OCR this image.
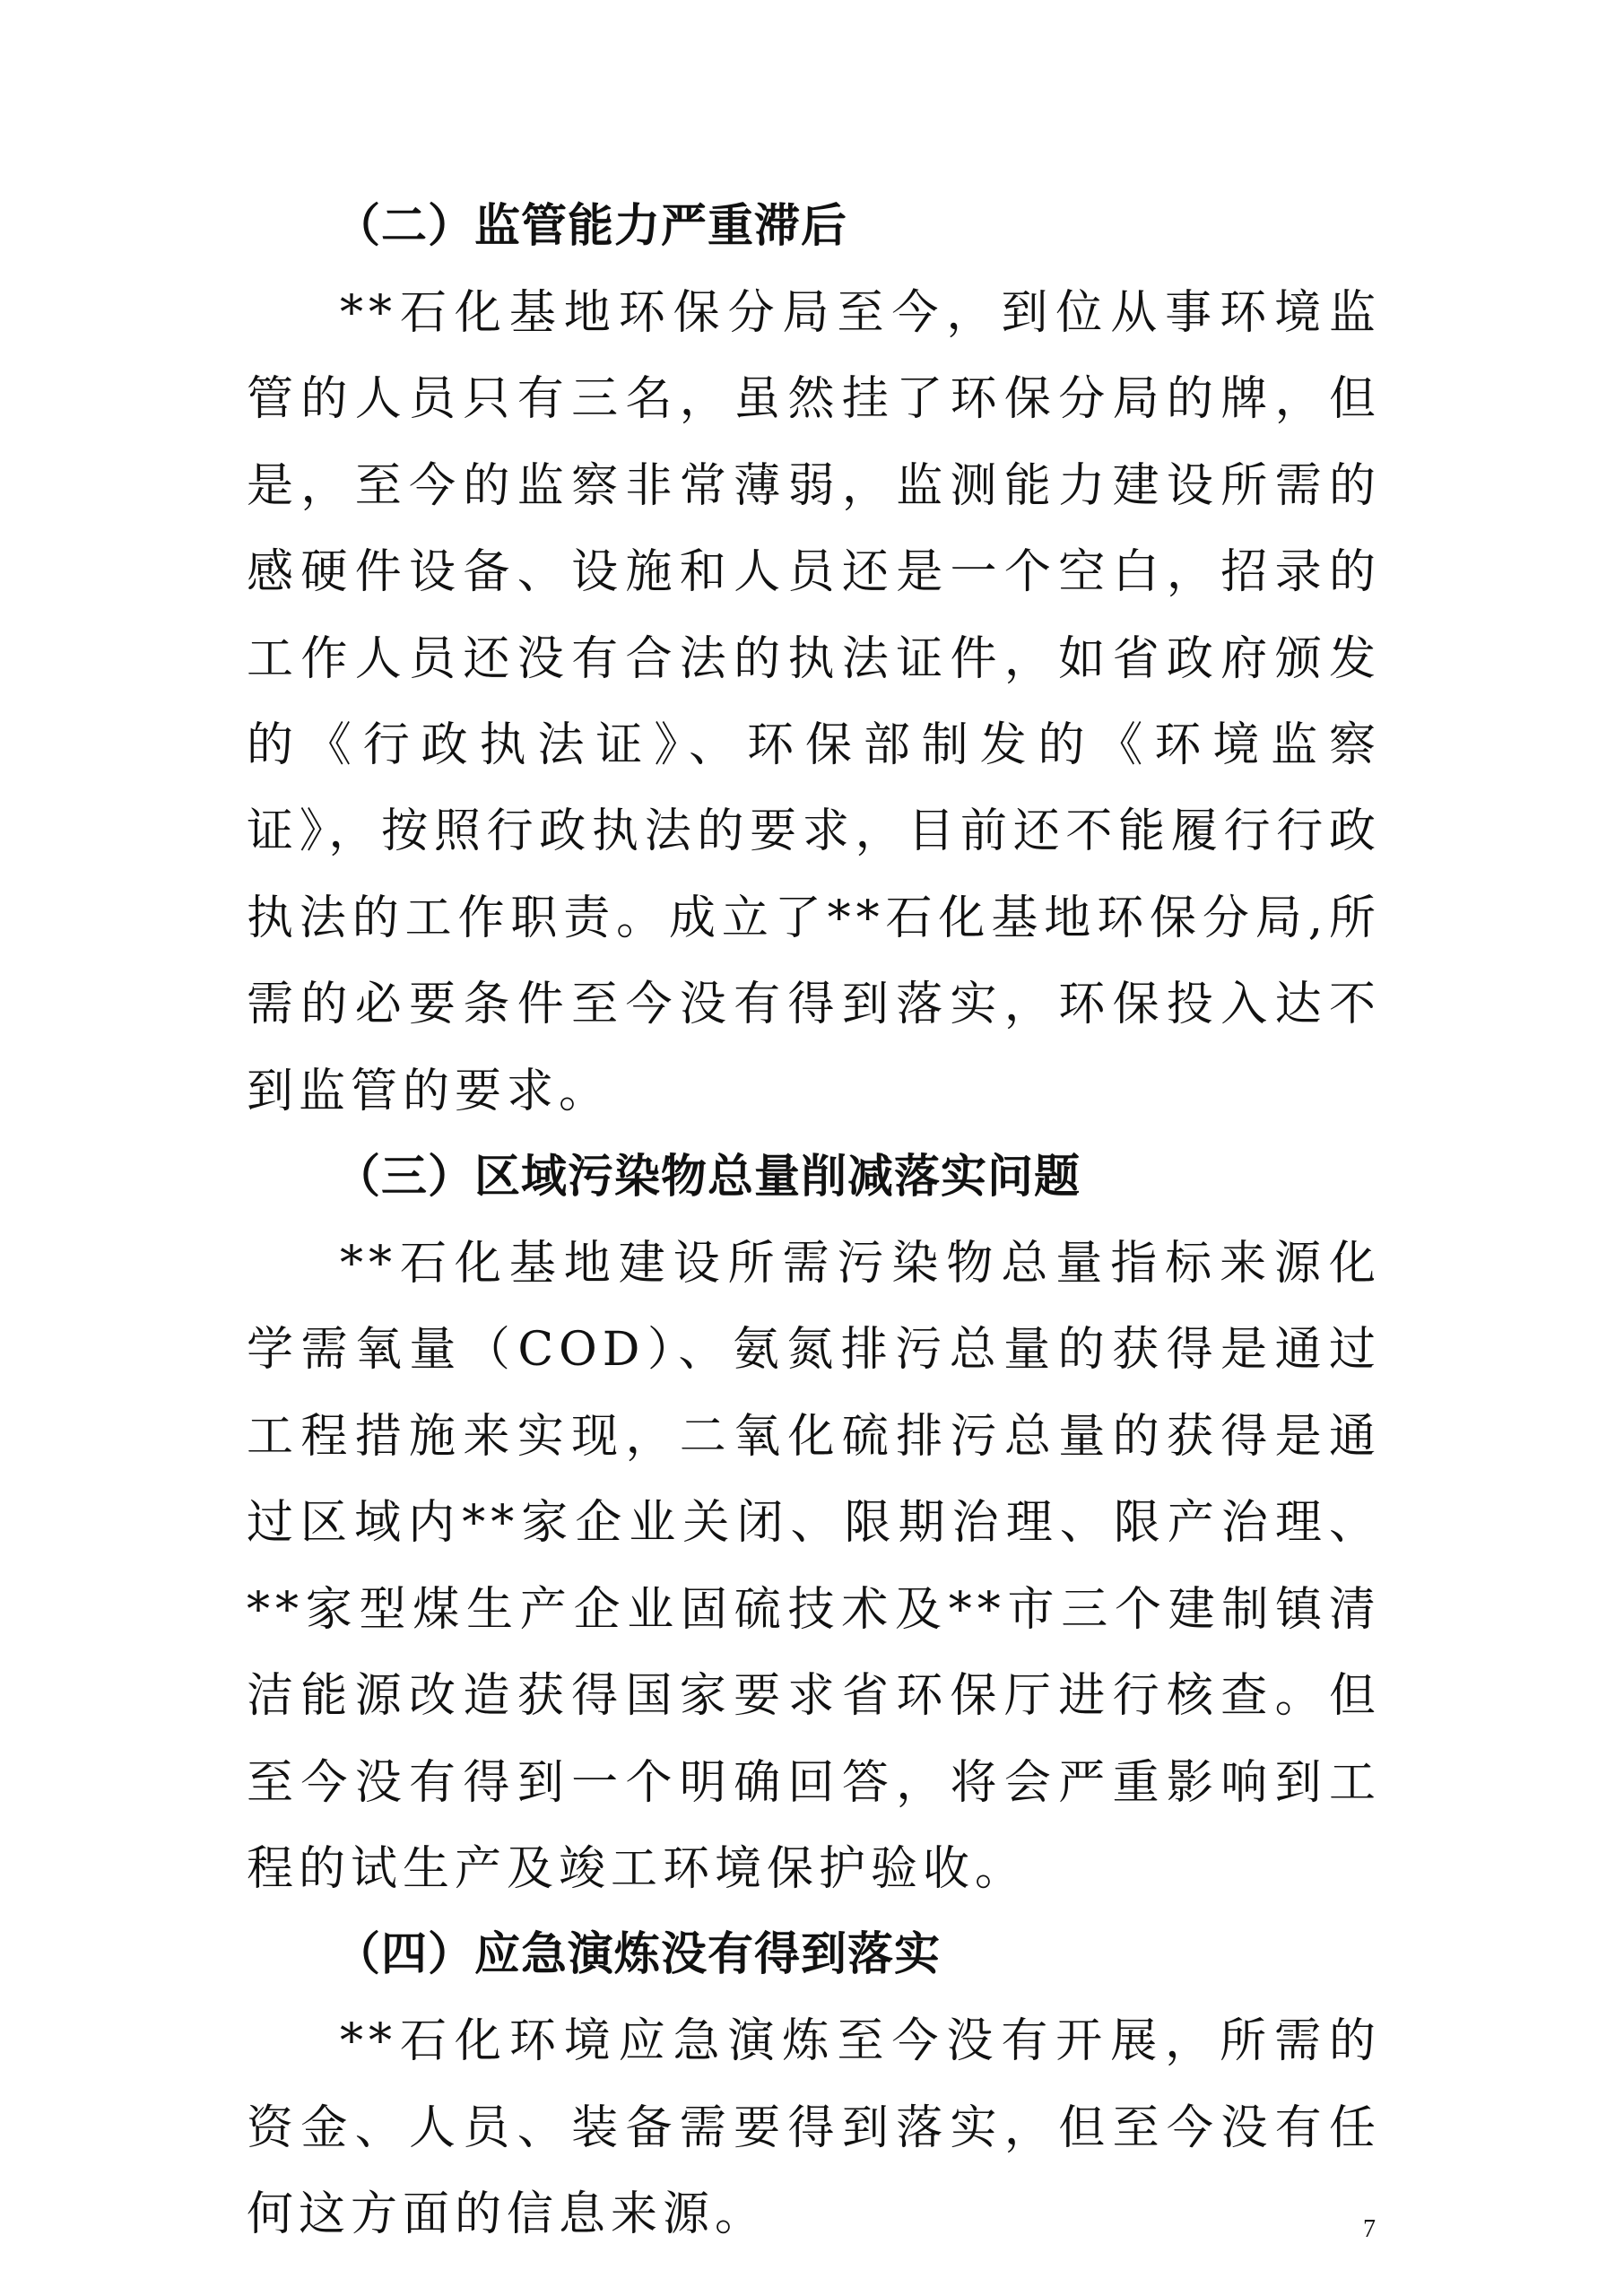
（二）监管能力严重滞后

**石化基地环保分局至今，到位从事环境监管的人员只有三名，虽然挂了环保分局的牌，但是，至今的监察非常薄弱，监测能力建设所需的感硬件设备、设施和人员还是一个空白，招录的工作人员还没有合法的执法证件，如省政府颁发的《行政执法证》、环保部制发的《环境监察证》，按照行政执法的要求，目前还不能履行行政执法的工作职责。成立了**石化基地环保分局,所需的必要条件至今没有得到落实，环保投入达不到监管的要求。

（三）区域污染物总量削减落实问题

**石化基地建设所需污染物总量指标来源化学需氧量（COD）、氨氮排污总量的获得是通过工程措施来实现，二氧化硫排污总量的获得是通过区域内**家企业关闭、限期治理、限产治理、**家型煤生产企业固硫技术及**市三个建制镇清洁能源改造获得国家要求省环保厅进行核查。但至今没有得到一个明确回答，将会严重影响到工程的试生产及竣工环境保护验收。

（四）应急演炼没有得到落实

**石化环境应急演炼至今没有开展，所需的资金、人员、装备需要得到落实，但至今没有任何这方面的信息来源。	7
